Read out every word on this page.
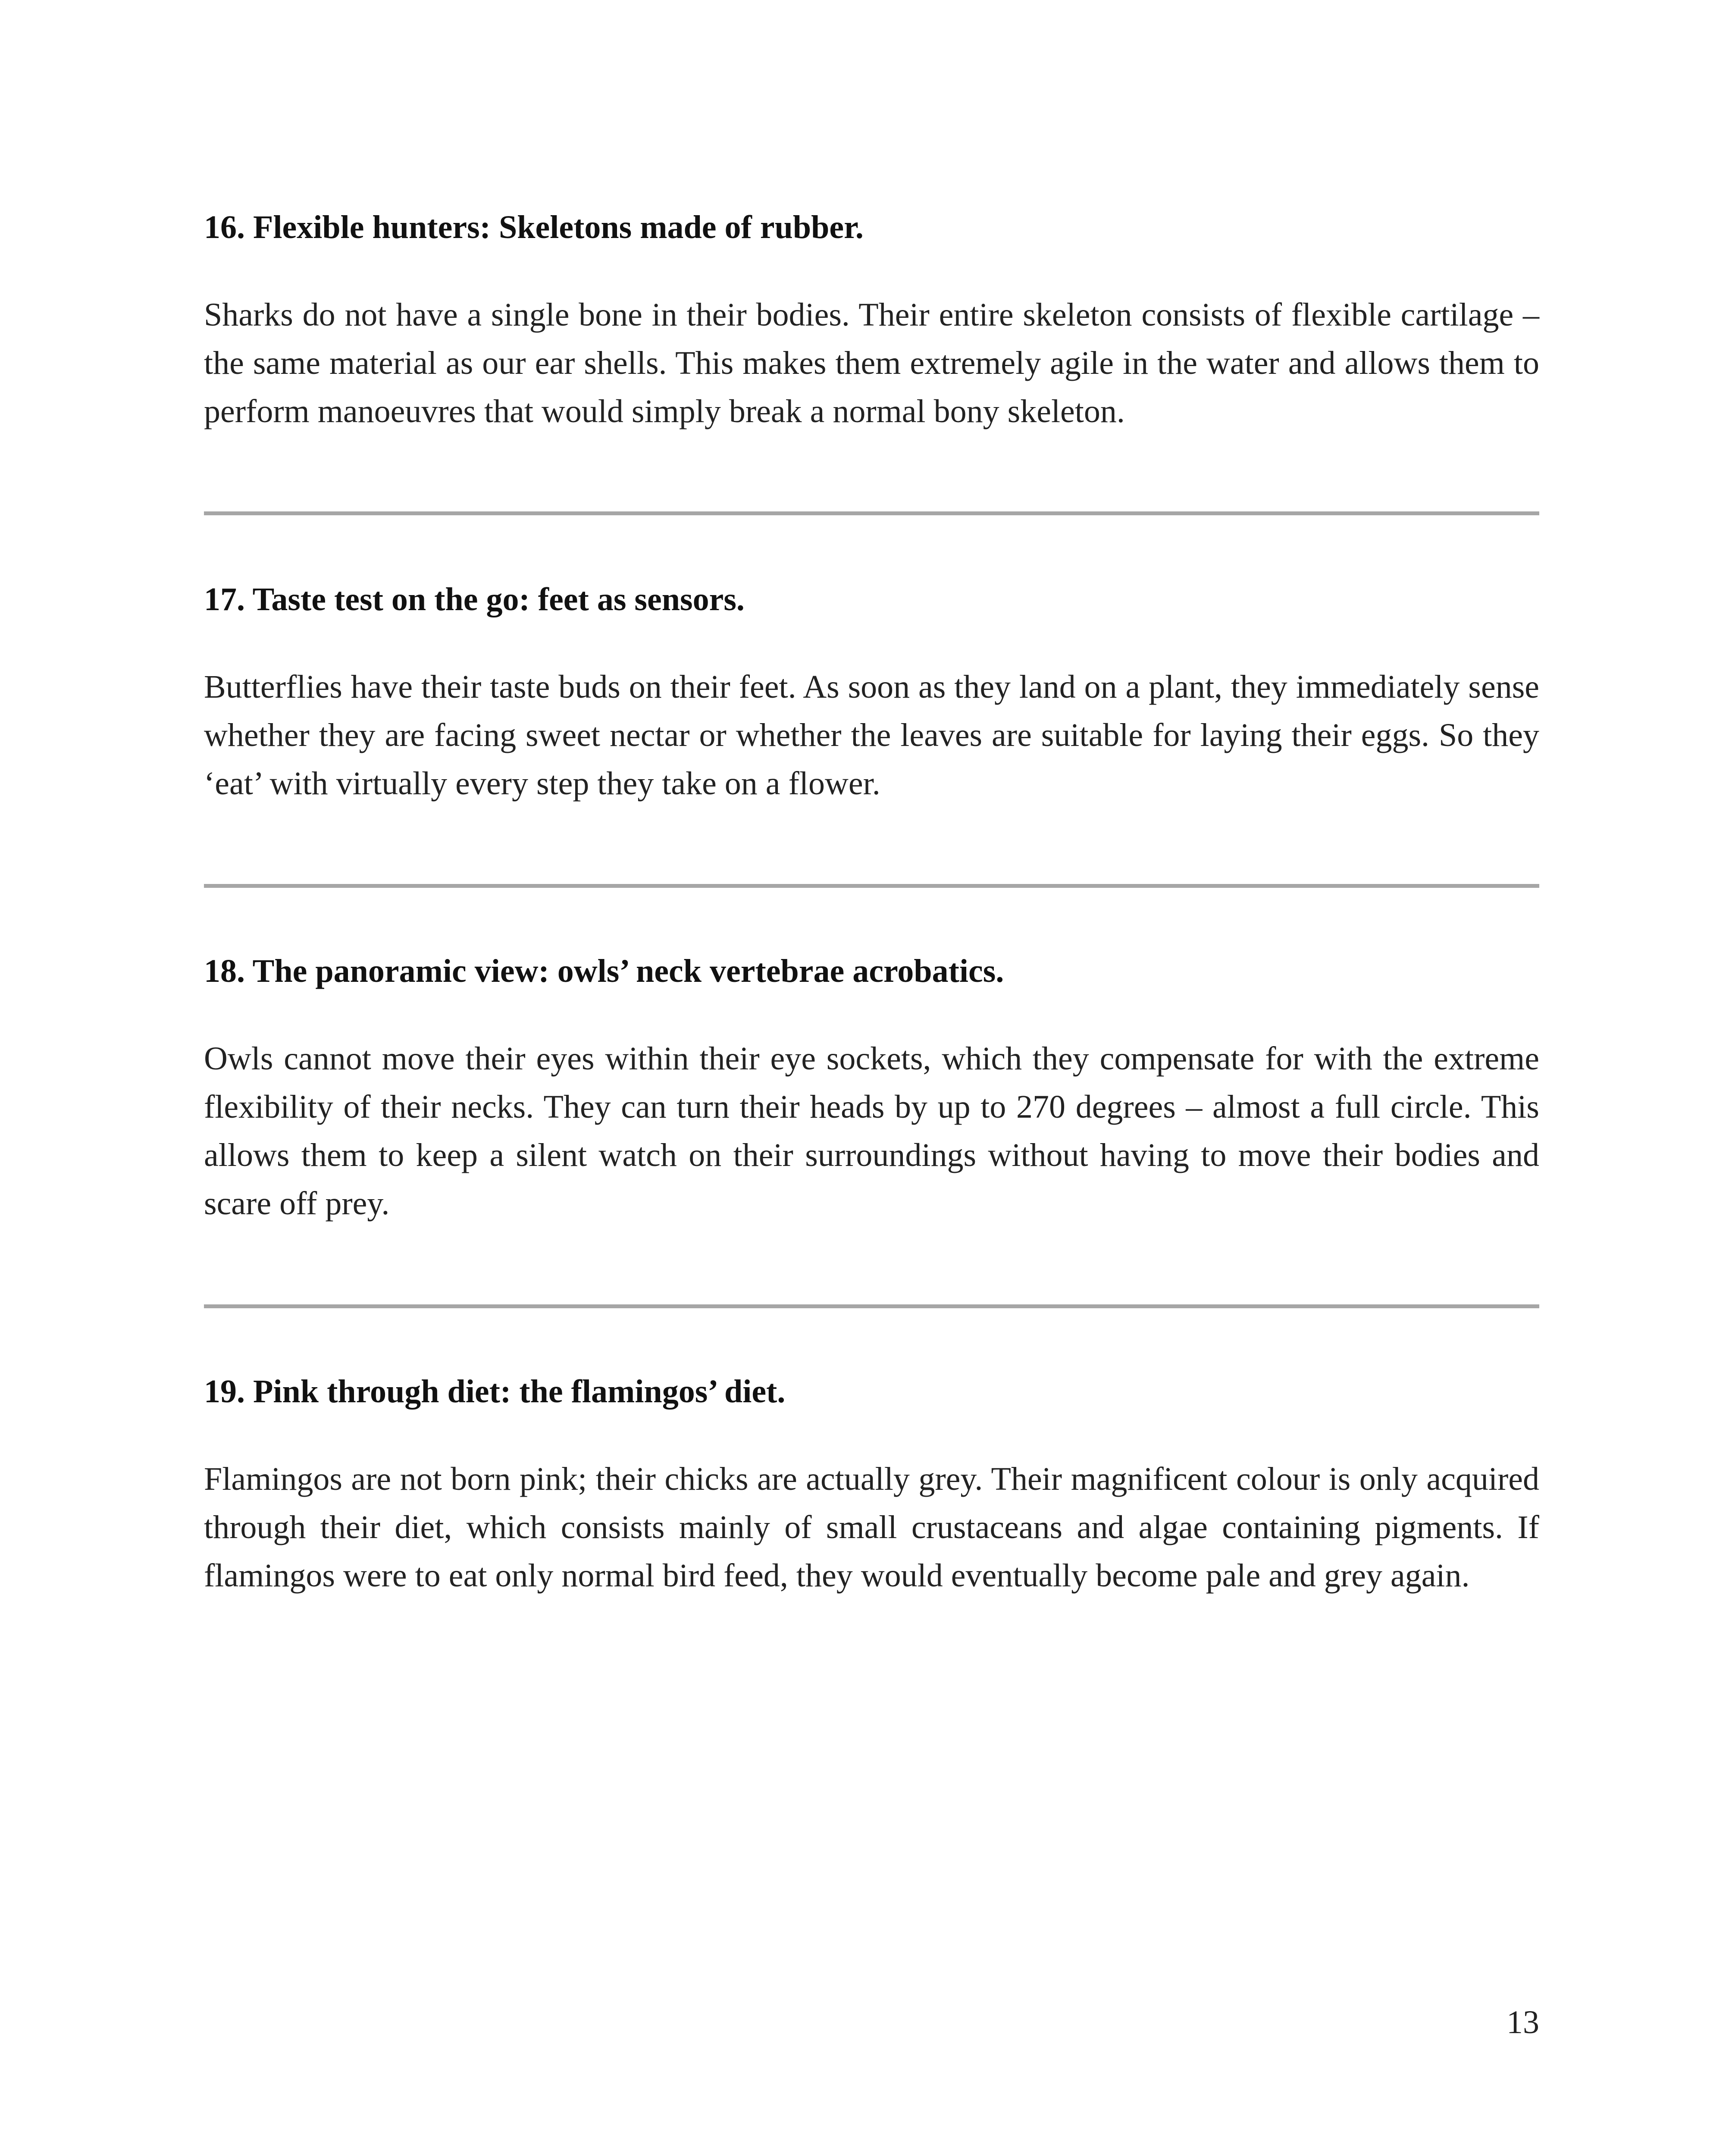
16. Flexible hunters: Skeletons made of rubber.

Sharks do not have a single bone in their bodies. Their entire skeleton consists of flexible cartilage – the same material as our ear shells. This makes them extremely agile in the water and allows them to perform manoeuvres that would simply break a normal bony skeleton.

17. Taste test on the go: feet as sensors.

Butterflies have their taste buds on their feet. As soon as they land on a plant, they immediately sense whether they are facing sweet nectar or whether the leaves are suitable for laying their eggs. So they ‘eat’ with virtually every step they take on a flower.

18. The panoramic view: owls’ neck vertebrae acrobatics.

Owls cannot move their eyes within their eye sockets, which they compensate for with the extreme flexibility of their necks. They can turn their heads by up to 270 degrees – almost a full circle. This allows them to keep a silent watch on their surroundings without having to move their bodies and scare off prey.

19. Pink through diet: the flamingos’ diet.

Flamingos are not born pink; their chicks are actually grey. Their magnificent colour is only acquired through their diet, which consists mainly of small crustaceans and algae containing pigments. If flamingos were to eat only normal bird feed, they would eventually become pale and grey again.

13
